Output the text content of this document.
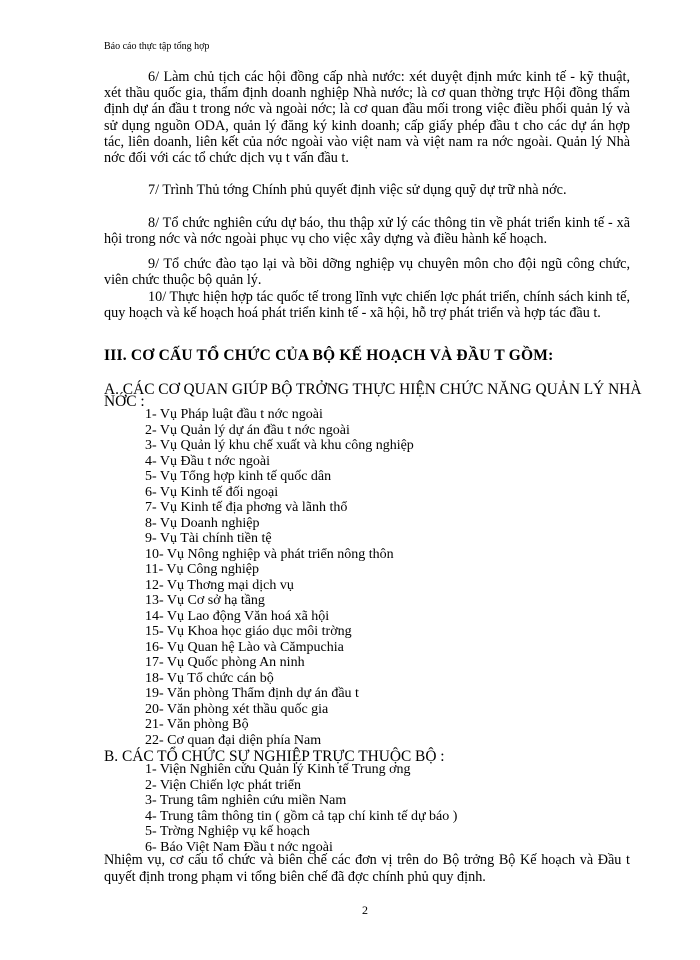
Báo cáo thực tập tổng hợp
6/ Làm chủ tịch các hội đồng cấp nhà nước: xét duyệt định mức kinh tế - kỹ thuật, xét thầu quốc gia, thẩm định doanh nghiệp Nhà nước; là cơ quan thờng trực Hội đồng thẩm định dự án đầu t trong nớc và ngoài nớc; là cơ quan đầu mối trong việc điều phối quản lý và sử dụng nguồn ODA, quản lý đăng ký kinh doanh; cấp giấy phép đầu t cho các dự án hợp tác, liên doanh, liên kết của nớc ngoài vào việt nam và việt nam ra nớc ngoài. Quản lý Nhà nớc đối với các tổ chức dịch vụ t vấn đầu t.
7/ Trình Thủ tớng Chính phủ quyết định việc sử dụng quỹ dự trữ nhà nớc.
8/ Tổ chức nghiên cứu dự báo, thu thập xử lý các thông tin về phát triển kinh tế - xã hội trong nớc và nớc ngoài phục vụ cho việc xây dựng và điều hành kế hoạch.
9/ Tổ chức đào tạo lại và bồi dỡng nghiệp vụ chuyên môn cho đội ngũ công chức, viên chức thuộc bộ quản lý.
10/ Thực hiện hợp tác quốc tế trong lĩnh vực chiến lợc phát triển, chính sách kinh tế, quy hoạch và kế hoạch hoá phát triển kinh tế - xã hội, hỗ trợ phát triển và hợp tác đầu t.
III. CƠ CẤU TỔ CHỨC CỦA BỘ KẾ HOẠCH VÀ ĐẦU T GỒM:
A. CÁC CƠ QUAN GIÚP BỘ TRỞNG THỰC HIỆN CHỨC NĂNG QUẢN LÝ NHÀ NỚC :
1- Vụ Pháp luật đầu t nớc ngoài
2- Vụ Quản lý dự án đầu t nớc ngoài
3- Vụ Quản lý khu chế xuất và khu công nghiệp
4- Vụ Đầu t nớc ngoài
5- Vụ Tổng hợp kinh tế quốc dân
6- Vụ Kinh tế đối ngoại
7- Vụ Kinh tế địa phơng và lãnh thổ
8- Vụ Doanh nghiệp
9- Vụ Tài chính tiền tệ
10- Vụ Nông nghiệp và phát triển nông thôn
11- Vụ Công nghiệp
12- Vụ Thơng mại dịch vụ
13- Vụ Cơ sở hạ tầng
14- Vụ Lao động Văn hoá xã hội
15- Vụ Khoa học giáo dục môi trờng
16- Vụ Quan hệ Lào và Cămpuchia
17- Vụ Quốc phòng An ninh
18- Vụ Tổ chức cán bộ
19- Văn phòng Thẩm định dự án đầu t
20- Văn phòng xét thầu quốc gia
21- Văn phòng Bộ
22- Cơ quan đại diện phía Nam
B. CÁC TỔ CHỨC SỰ NGHIỆP TRỰC THUỘC BỘ :
1- Viện Nghiên cứu Quản lý Kinh tế Trung ơng
2- Viện Chiến lợc phát triển
3- Trung tâm nghiên cứu miền Nam
4- Trung tâm thông tin ( gồm cả tạp chí kinh tế dự báo )
5- Trờng Nghiệp vụ kế hoạch
6- Báo Việt Nam Đầu t nớc ngoài
Nhiệm vụ, cơ cấu tổ chức và biên chế các đơn vị trên do Bộ trởng Bộ Kế hoạch và Đầu t quyết định trong phạm vi tổng biên chế đã đợc chính phủ quy định.
2
